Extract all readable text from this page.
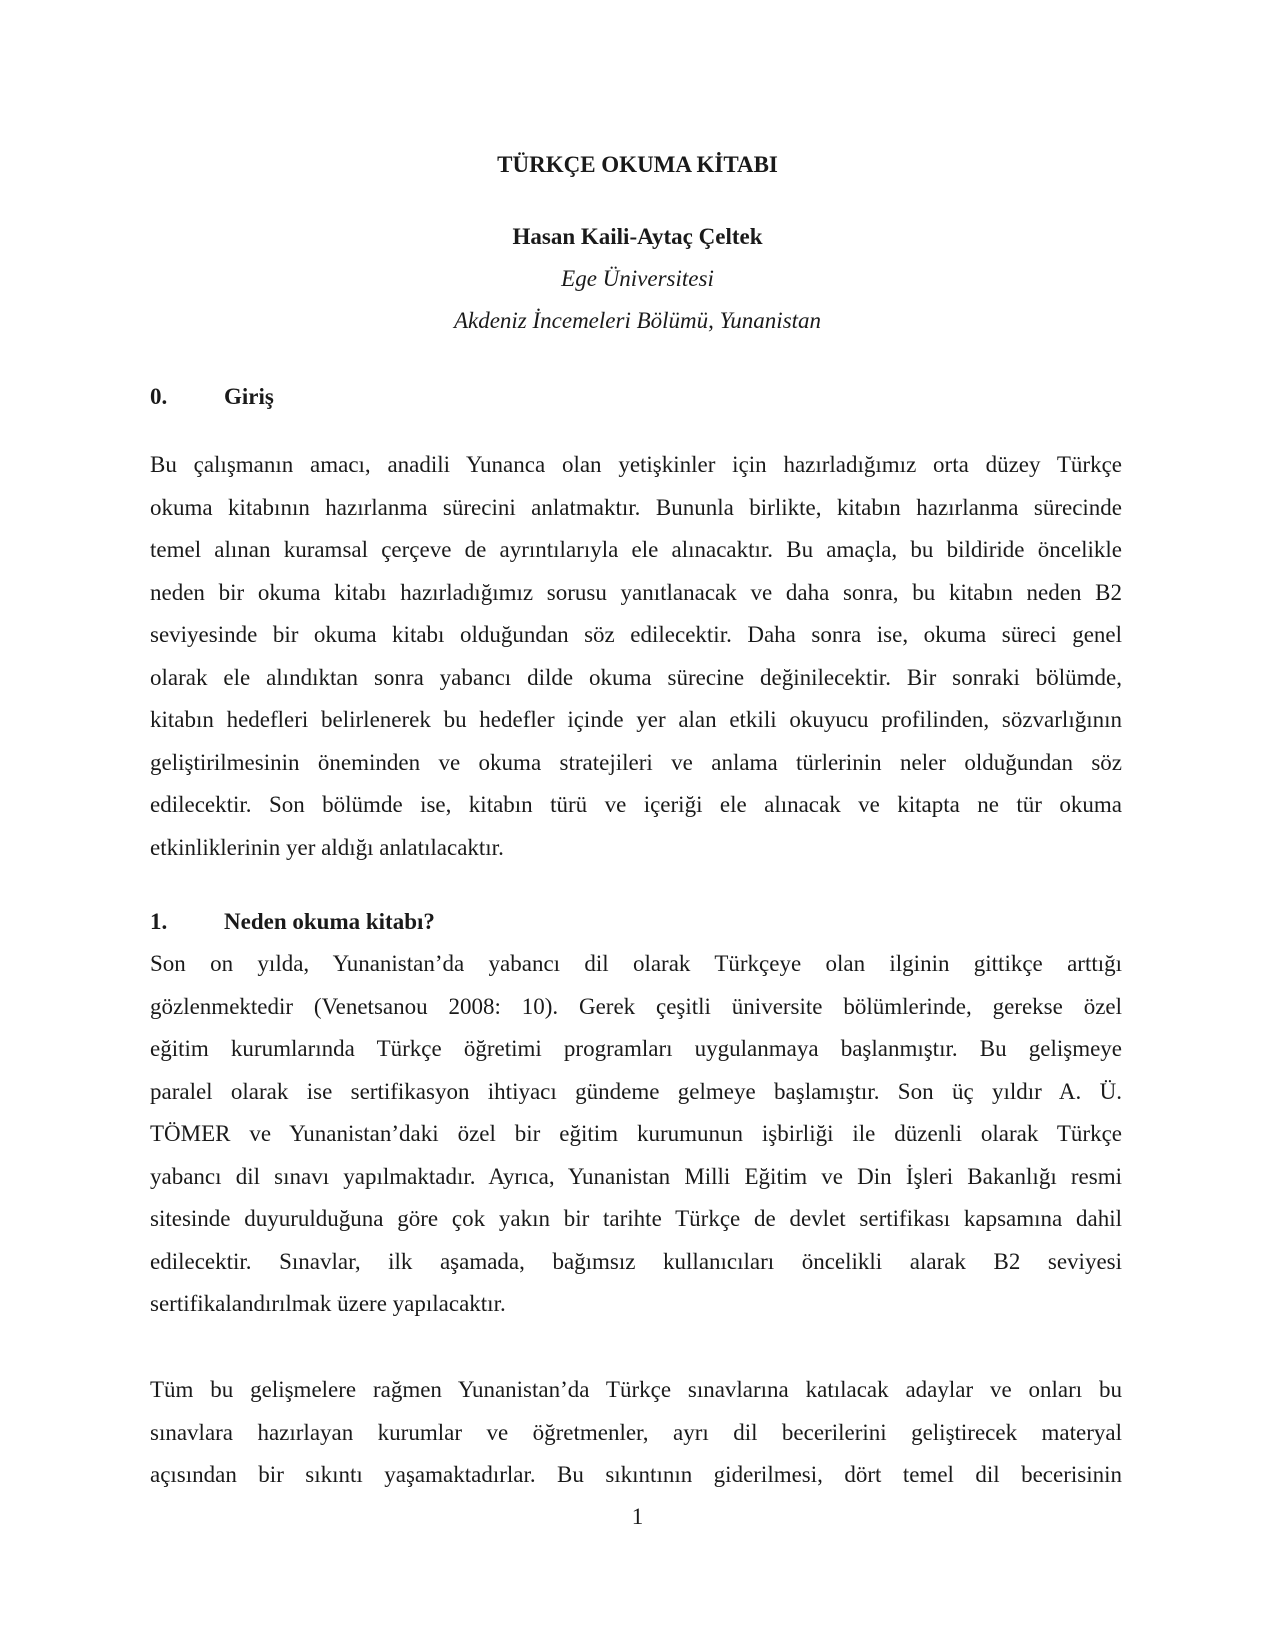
TÜRKÇE OKUMA KİTABI
Hasan Kaili-Aytaç Çeltek
Ege Üniversitesi
Akdeniz İncemeleri Bölümü, Yunanistan
0. Giriş
Bu çalışmanın amacı, anadili Yunanca olan yetişkinler için hazırladığımız orta düzey Türkçe
okuma kitabının hazırlanma sürecini anlatmaktır. Bununla birlikte, kitabın hazırlanma sürecinde
temel alınan kuramsal çerçeve de ayrıntılarıyla ele alınacaktır. Bu amaçla, bu bildiride öncelikle
neden bir okuma kitabı hazırladığımız sorusu yanıtlanacak ve daha sonra, bu kitabın neden B2
seviyesinde bir okuma kitabı olduğundan söz edilecektir. Daha sonra ise, okuma süreci genel
olarak ele alındıktan sonra yabancı dilde okuma sürecine değinilecektir. Bir sonraki bölümde,
kitabın hedefleri belirlenerek bu hedefler içinde yer alan etkili okuyucu profilinden, sözvarlığının
geliştirilmesinin öneminden ve okuma stratejileri ve anlama türlerinin neler olduğundan söz
edilecektir. Son bölümde ise, kitabın türü ve içeriği ele alınacak ve kitapta ne tür okuma
etkinliklerinin yer aldığı anlatılacaktır.
1. Neden okuma kitabı?
Son on yılda, Yunanistan’da yabancı dil olarak Türkçeye olan ilginin gittikçe arttığı
gözlenmektedir (Venetsanou 2008: 10). Gerek çeşitli üniversite bölümlerinde, gerekse özel
eğitim kurumlarında Türkçe öğretimi programları uygulanmaya başlanmıştır. Bu gelişmeye
paralel olarak ise sertifikasyon ihtiyacı gündeme gelmeye başlamıştır. Son üç yıldır A. Ü.
TÖMER ve Yunanistan’daki özel bir eğitim kurumunun işbirliği ile düzenli olarak Türkçe
yabancı dil sınavı yapılmaktadır. Ayrıca, Yunanistan Milli Eğitim ve Din İşleri Bakanlığı resmi
sitesinde duyurulduğuna göre çok yakın bir tarihte Türkçe de devlet sertifikası kapsamına dahil
edilecektir. Sınavlar, ilk aşamada, bağımsız kullanıcıları öncelikli alarak B2 seviyesi
sertifikalandırılmak üzere yapılacaktır.
Tüm bu gelişmelere rağmen Yunanistan’da Türkçe sınavlarına katılacak adaylar ve onları bu
sınavlara hazırlayan kurumlar ve öğretmenler, ayrı dil becerilerini geliştirecek materyal
açısından bir sıkıntı yaşamaktadırlar. Bu sıkıntının giderilmesi, dört temel dil becerisinin
1
